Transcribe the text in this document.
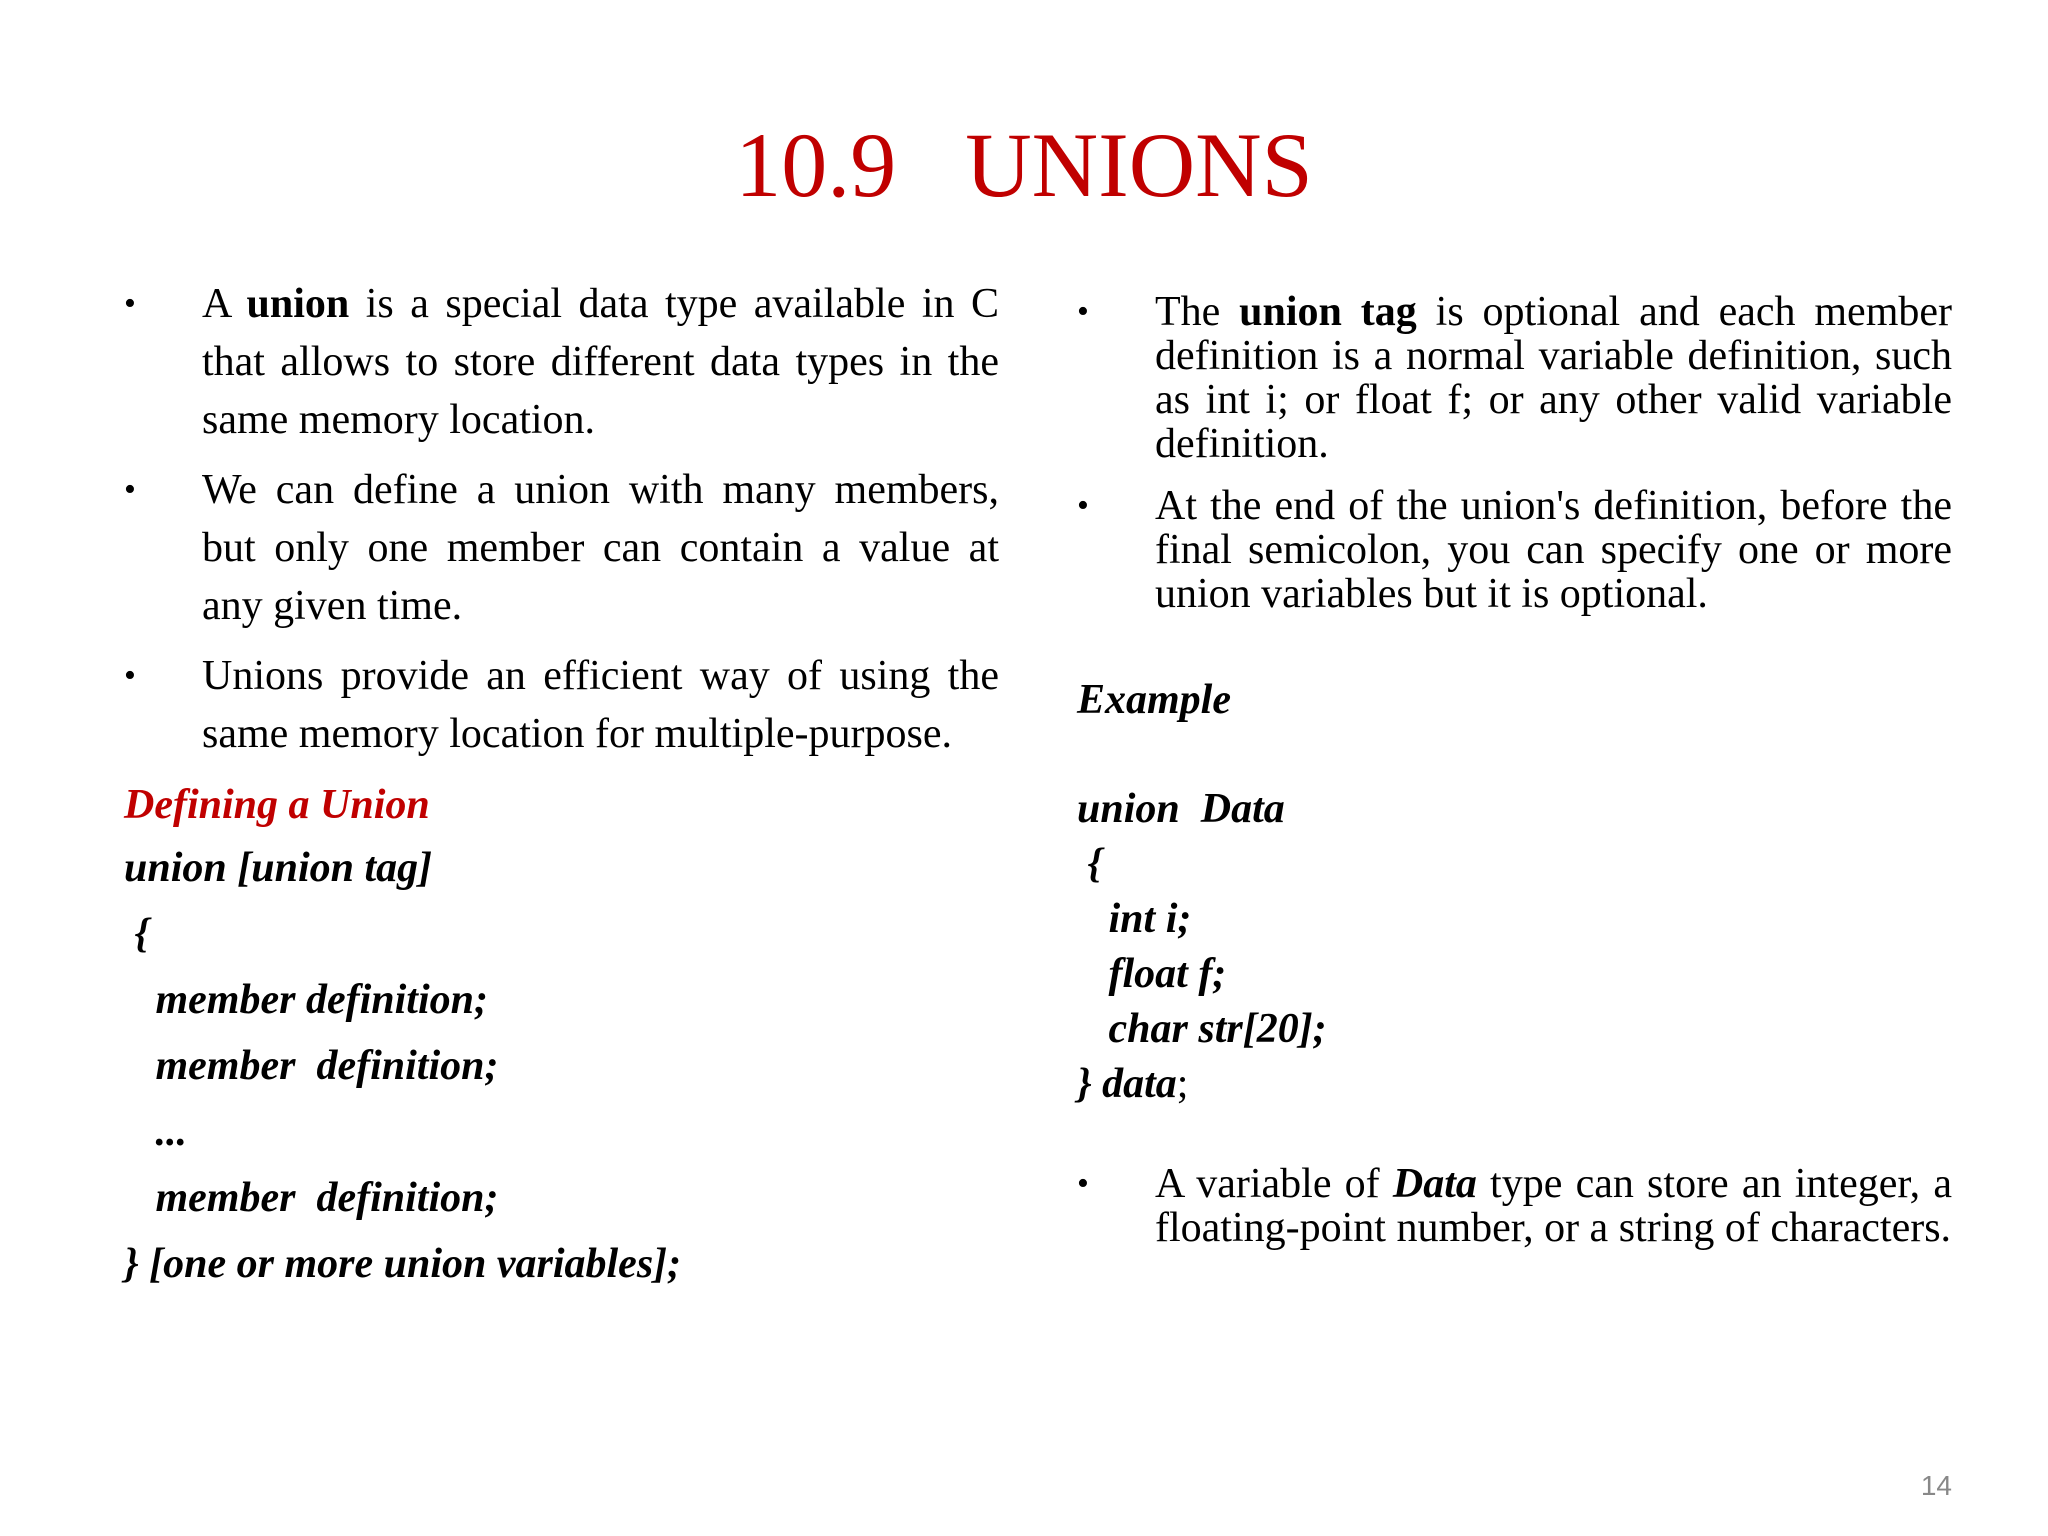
10.9   UNIONS
•	A union is a special data type available in C that allows to store different data types in the same memory location.
•	We can define a union with many members, but only one member can contain a value at any given time.
•	Unions provide an efficient way of using the same memory location for multiple-purpose.
Defining a Union
union [union tag]
{
member definition;
member  definition;
...
member  definition;
} [one or more union variables];
•	The union tag is optional and each member definition is a normal variable definition, such as int i; or float f; or any other valid variable definition.
•	At the end of the union's definition, before the final semicolon, you can specify one or more union variables but it is optional.
Example
union  Data
{
int i;
float f;
char str[20];
} data;
•	A variable of Data type can store an integer, a floating-point number, or a string of characters.
14
